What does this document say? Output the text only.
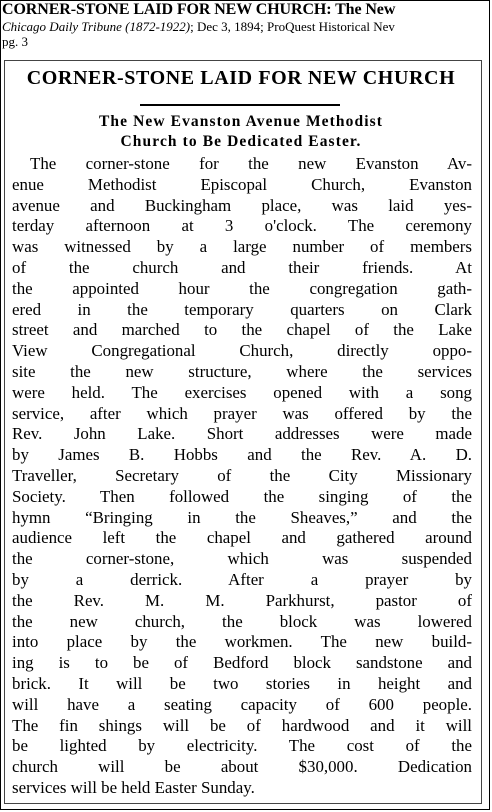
CORNER-STONE LAID FOR NEW CHURCH: The New
Chicago Daily Tribune (1872-1922); Dec 3, 1894; ProQuest Historical Nev
pg. 3
CORNER-STONE LAID FOR NEW CHURCH
The New Evanston Avenue Methodist
Church to Be Dedicated Easter.
The corner-stone for the new Evanston Av-
enue Methodist Episcopal Church, Evanston
avenue and Buckingham place, was laid yes-
terday afternoon at 3 o'clock. The ceremony
was witnessed by a large number of members
of the church and their friends. At
the appointed hour the congregation gath-
ered in the temporary quarters on Clark
street and marched to the chapel of the Lake
View Congregational Church, directly oppo-
site the new structure, where the services
were held. The exercises opened with a song
service, after which prayer was offered by the
Rev. John Lake. Short addresses were made
by James B. Hobbs and the Rev. A. D.
Traveller, Secretary of the City Missionary
Society. Then followed the singing of the
hymn “Bringing in the Sheaves,” and the
audience left the chapel and gathered around
the corner-stone, which was suspended
by a derrick. After a prayer by
the Rev. M. M. Parkhurst, pastor of
the new church, the block was lowered
into place by the workmen. The new build-
ing is to be of Bedford block sandstone and
brick. It will be two stories in height and
will have a seating capacity of 600 people.
The fin shings will be of hardwood and it will
be lighted by electricity. The cost of the
church will be about $30,000. Dedication
services will be held Easter Sunday.
